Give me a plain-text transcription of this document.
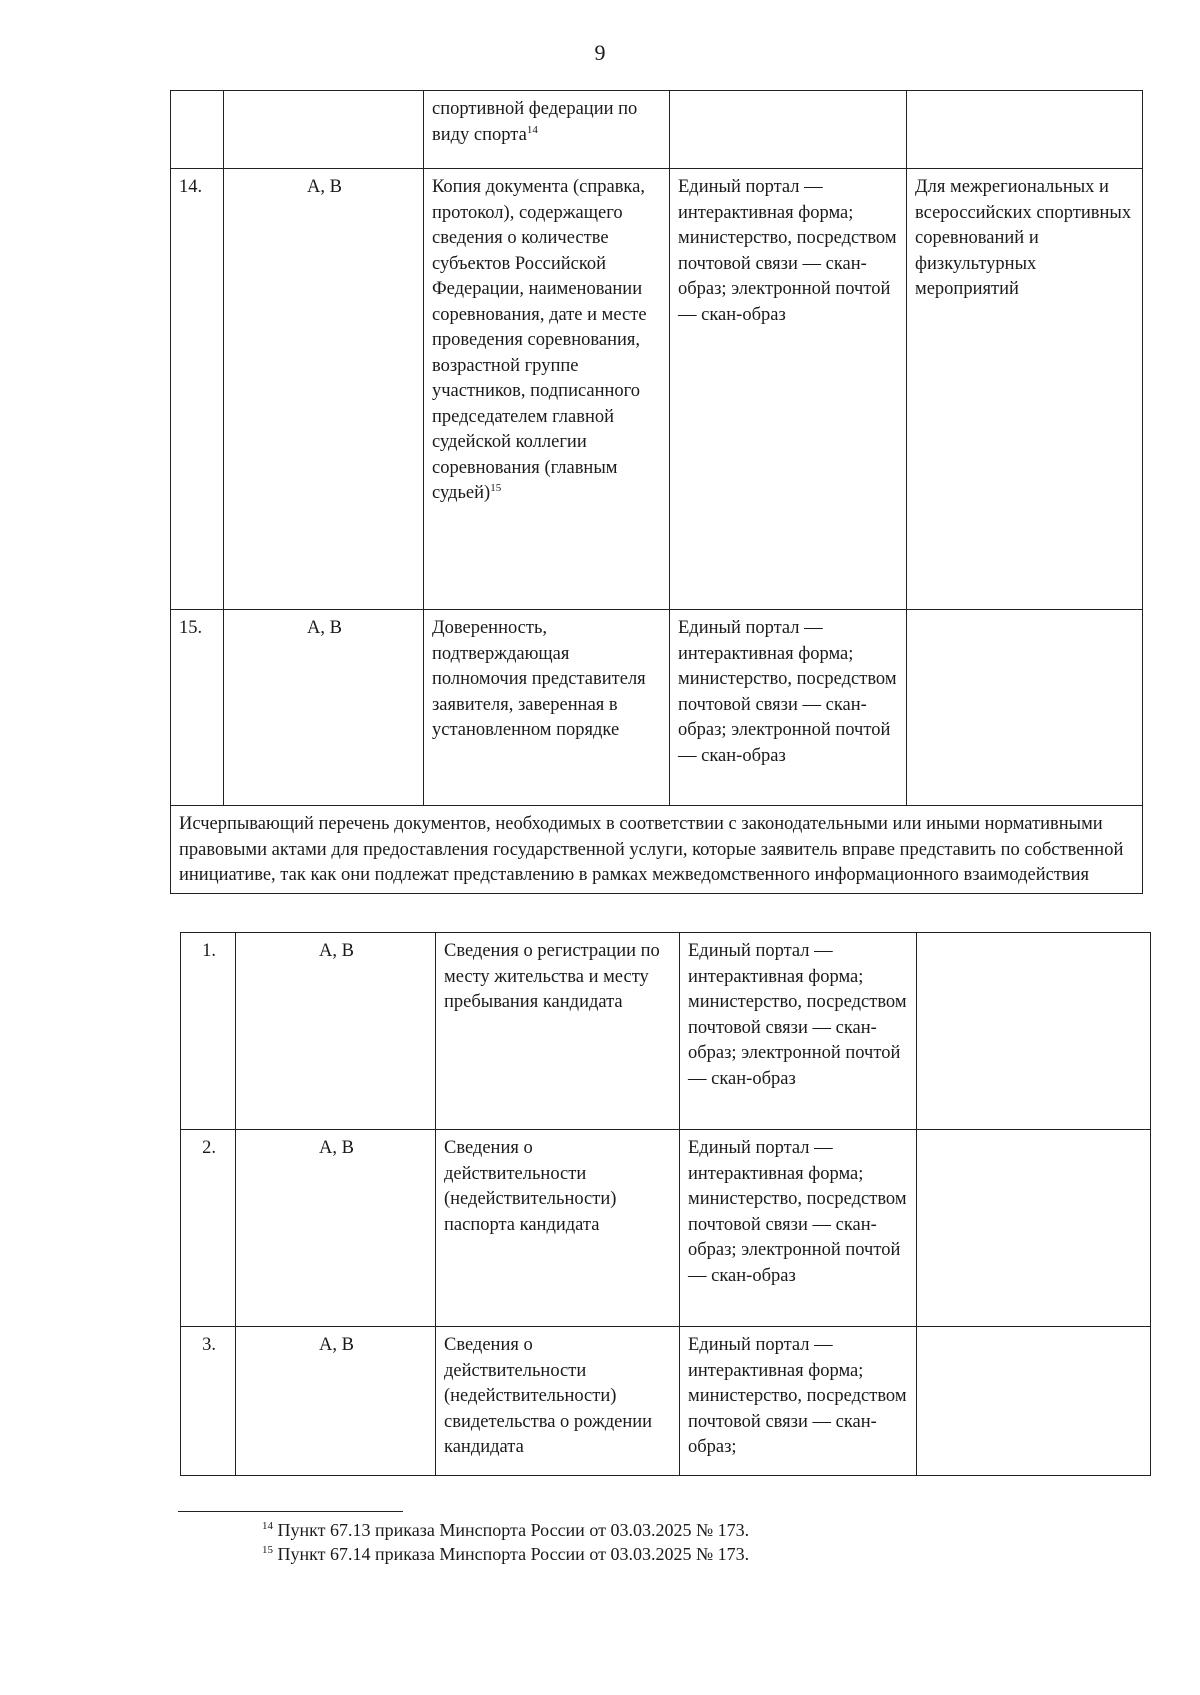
9
		спортивной федерации по виду спорта$^{14}$		
14.	А, В	Копия документа (справка, протокол), содержащего сведения о количестве субъектов Российской Федерации, наименовании соревнования, дате и месте проведения соревнования, возрастной группе участников, подписанного председателем главной судейской коллегии соревнования (главным судьей)$^{15}$	Единый портал — интерактивная форма; министерство, посредством почтовой связи — скан-образ; электронной почтой — скан-образ	Для межрегиональных и всероссийских спортивных соревнований и физкультурных мероприятий
15.	А, В	Доверенность, подтверждающая полномочия представителя заявителя, заверенная в установленном порядке	Единый портал — интерактивная форма; министерство, посредством почтовой связи — скан-образ; электронной почтой — скан-образ	
Исчерпывающий перечень документов, необходимых в соответствии с законодательными или иными нормативными правовыми актами для предоставления государственной услуги, которые заявитель вправе представить по собственной инициативе, так как они подлежат представлению в рамках межведомственного информационного взаимодействия				
1.	А, В	Сведения о регистрации по месту жительства и месту пребывания кандидата	Единый портал — интерактивная форма; министерство, посредством почтовой связи — скан-образ; электронной почтой — скан-образ	
2.	А, В	Сведения о действительности (недействительности) паспорта кандидата	Единый портал — интерактивная форма; министерство, посредством почтовой связи — скан-образ; электронной почтой — скан-образ	
3.	А, В	Сведения о действительности (недействительности) свидетельства о рождении кандидата	Единый портал — интерактивная форма; министерство, посредством почтовой связи — скан-образ;	
$^{14}$ Пункт 67.13 приказа Минспорта России от 03.03.2025 № 173.
$^{15}$ Пункт 67.14 приказа Минспорта России от 03.03.2025 № 173.
